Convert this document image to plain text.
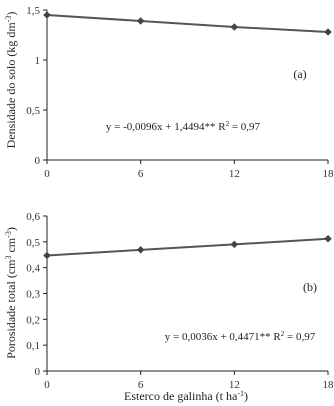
Densidade do solo (kg $dm^{-3}$)
(a)
y = -0,0096x + 1,4494** $R^2 = 0,97$
0
0,5
1
1,5
0	6	12	18
Porosidade total ($cm^3$ $cm^{-3}$)
(b)
y = 0,0036x + 0,4471** $R^2 = 0,97$
0
0,1
0,2
0,3
0,4
0,5
0,6
0	6	12	18
Esterco de galinha (t $ha^{-1}$)
